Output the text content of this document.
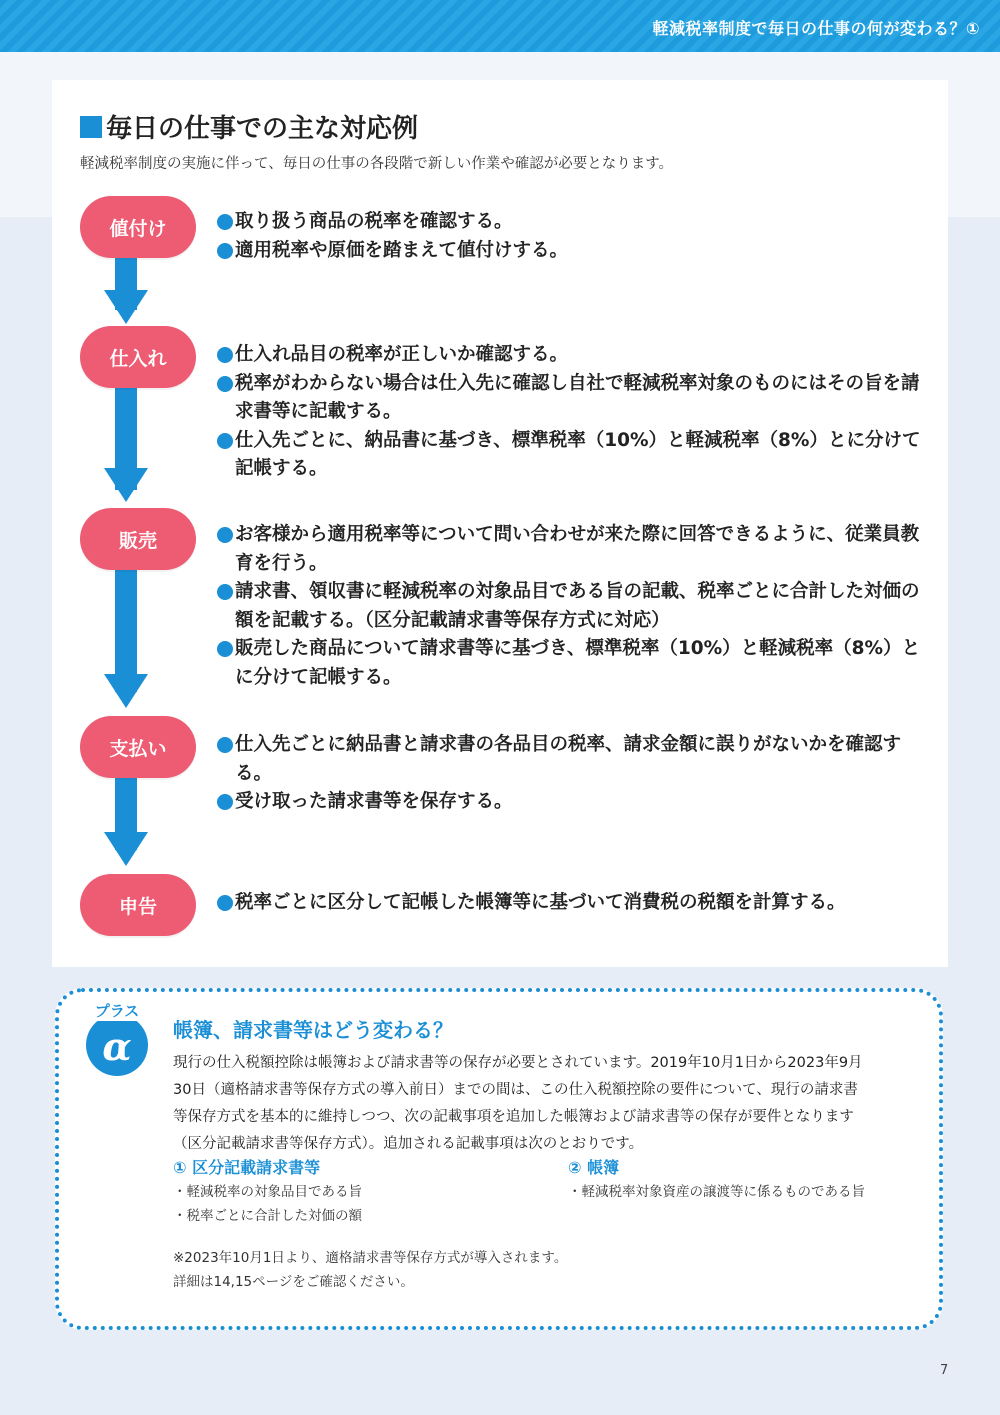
軽減税率制度で毎日の仕事の何が変わる？①
毎日の仕事での主な対応例
軽減税率制度の実施に伴って、毎日の仕事の各段階で新しい作業や確認が必要となります。
値付け	取り扱う商品の税率を確認する。
適用税率や原価を踏まえて値付けする。
仕入れ	仕入れ品目の税率が正しいか確認する。
税率がわからない場合は仕入先に確認し自社で軽減税率対象のものにはその旨を請求書等に記載する。
仕入先ごとに、納品書に基づき、標準税率（10%）と軽減税率（8%）とに分けて記帳する。
販売	お客様から適用税率等について問い合わせが来た際に回答できるように、従業員教育を行う。
請求書、領収書に軽減税率の対象品目である旨の記載、税率ごとに合計した対価の額を記載する。（区分記載請求書等保存方式に対応）
販売した商品について請求書等に基づき、標準税率（10%）と軽減税率（8%）とに分けて記帳する。
支払い	仕入先ごとに納品書と請求書の各品目の税率、請求金額に誤りがないかを確認する。
受け取った請求書等を保存する。
申告	税率ごとに区分して記帳した帳簿等に基づいて消費税の税額を計算する。
プラス
α	帳簿、請求書等はどう変わる？

現行の仕入税額控除は帳簿および請求書等の保存が必要とされています。2019年10月1日から2023年9月

30日（適格請求書等保存方式の導入前日）までの間は、この仕入税額控除の要件について、現行の請求書

等保存方式を基本的に維持しつつ、次の記載事項を追加した帳簿および請求書等の保存が要件となります

（区分記載請求書等保存方式）。追加される記載事項は次のとおりです。

① 区分記載請求書等
・軽減税率の対象品目である旨
・税率ごとに合計した対価の額
② 帳簿
・軽減税率対象資産の譲渡等に係るものである旨
※2023年10月1日より、適格請求書等保存方式が導入されます。
詳細は14,15ページをご確認ください。
7
